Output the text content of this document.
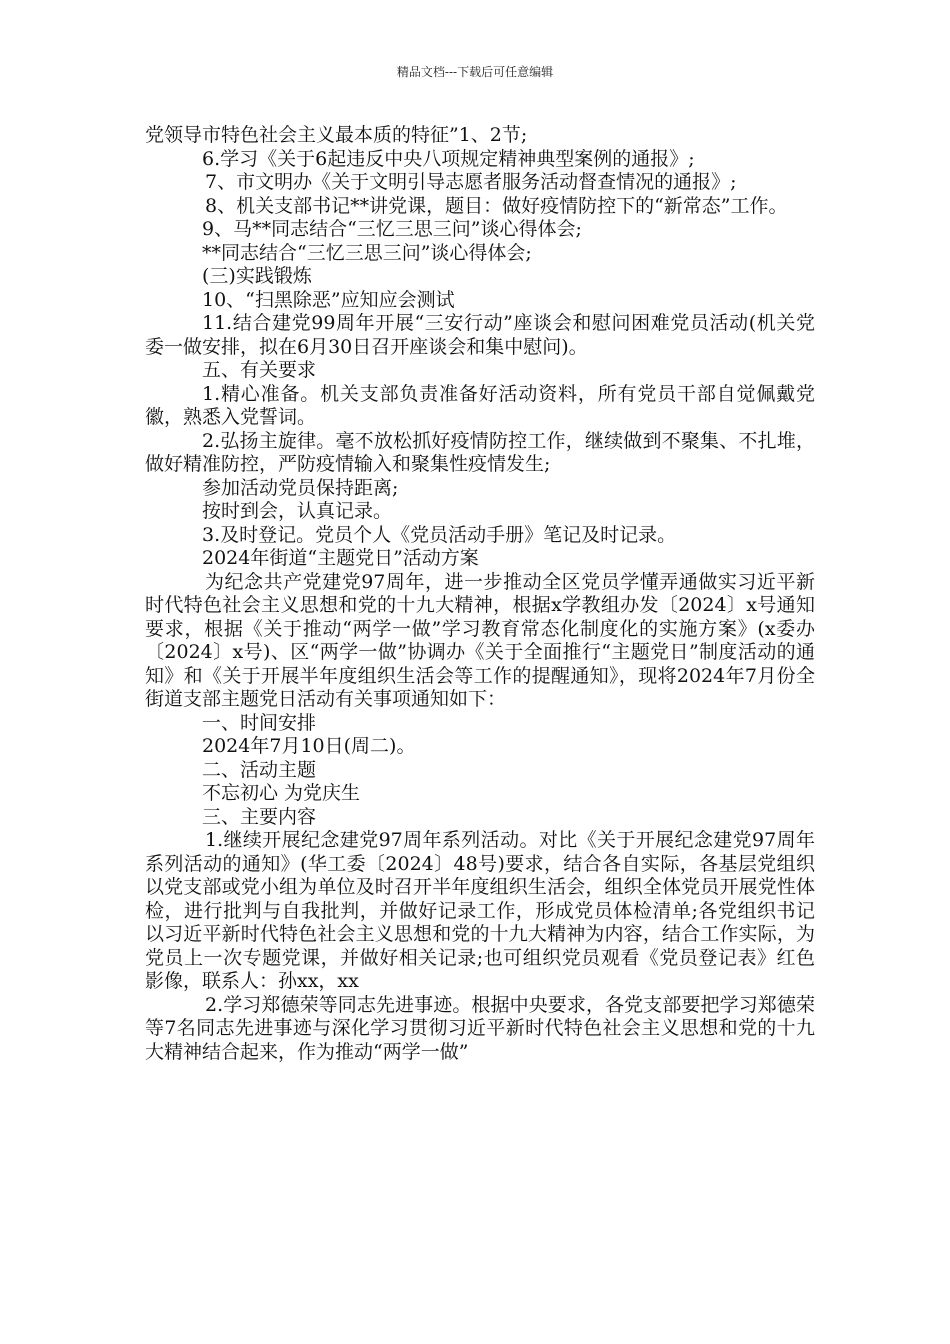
精品文档---下载后可任意编辑

党领导市特色社会主义最本质的特征”1、2节;

6.学习《关于6起违反中央八项规定精神典型案例的通报》;

7、市文明办《关于文明引导志愿者服务活动督查情况的通报》;

8、机关支部书记**讲党课，题目：做好疫情防控下的“新常态”工作。

9、马**同志结合“三忆三思三问”谈心得体会;

**同志结合“三忆三思三问”谈心得体会;

(三)实践锻炼

10、“扫黑除恶”应知应会测试

11.结合建党99周年开展“三安行动”座谈会和慰问困难党员活动(机关党委一做安排，拟在6月30日召开座谈会和集中慰问)。

五、有关要求

1.精心准备。机关支部负责准备好活动资料，所有党员干部自觉佩戴党徽，熟悉入党誓词。

2.弘扬主旋律。毫不放松抓好疫情防控工作，继续做到不聚集、不扎堆，做好精准防控，严防疫情输入和聚集性疫情发生;

参加活动党员保持距离;

按时到会，认真记录。

3.及时登记。党员个人《党员活动手册》笔记及时记录。

2024年街道“主题党日”活动方案

为纪念共产党建党97周年，进一步推动全区党员学懂弄通做实习近平新时代特色社会主义思想和党的十九大精神，根据x学教组办发〔2024〕x号通知要求，根据《关于推动“两学一做”学习教育常态化制度化的实施方案》(x委办〔2024〕x号)、区“两学一做”协调办《关于全面推行“主题党日”制度活动的通知》和《关于开展半年度组织生活会等工作的提醒通知》，现将2024年7月份全街道支部主题党日活动有关事项通知如下：

一、时间安排

2024年7月10日(周二)。

二、活动主题

不忘初心 为党庆生

三、主要内容

1.继续开展纪念建党97周年系列活动。对比《关于开展纪念建党97周年系列活动的通知》(华工委〔2024〕48号)要求，结合各自实际，各基层党组织以党支部或党小组为单位及时召开半年度组织生活会，组织全体党员开展党性体检，进行批判与自我批判，并做好记录工作，形成党员体检清单;各党组织书记以习近平新时代特色社会主义思想和党的十九大精神为内容，结合工作实际，为党员上一次专题党课，并做好相关记录;也可组织党员观看《党员登记表》红色影像，联系人：孙xx，xx

2.学习郑德荣等同志先进事迹。根据中央要求，各党支部要把学习郑德荣等7名同志先进事迹与深化学习贯彻习近平新时代特色社会主义思想和党的十九大精神结合起来，作为推动“两学一做”
